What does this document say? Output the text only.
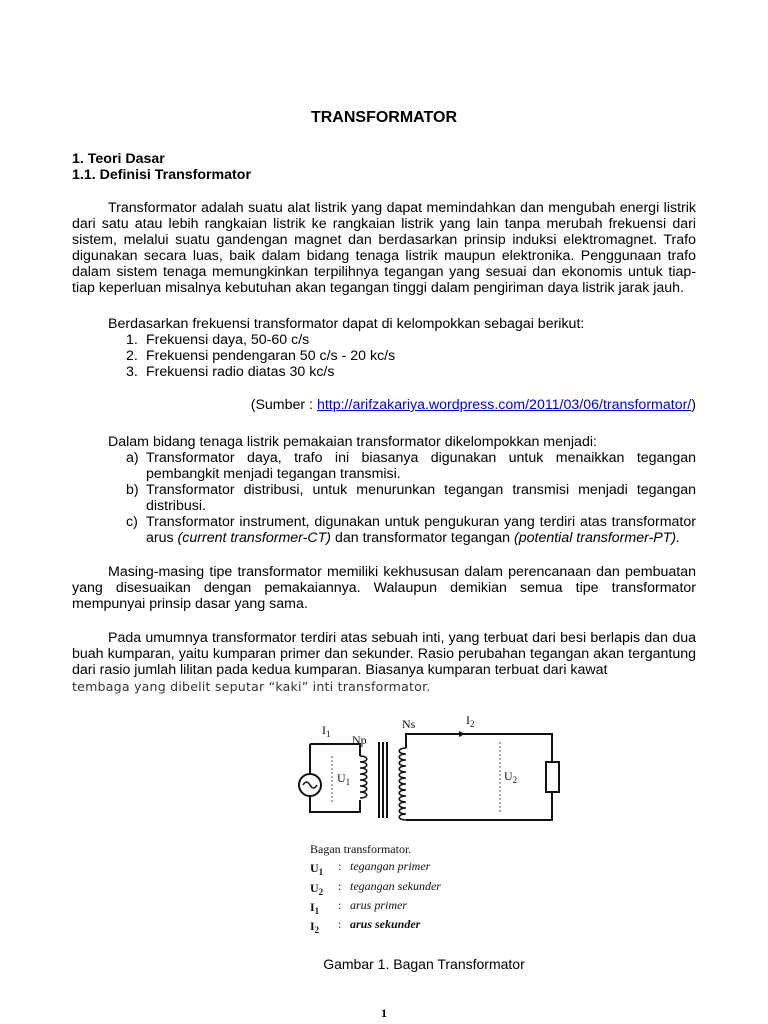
TRANSFORMATOR
1. Teori Dasar
1.1. Definisi Transformator
Transformator adalah suatu alat listrik yang dapat memindahkan dan mengubah energi listrik dari satu atau lebih rangkaian listrik ke rangkaian listrik yang lain tanpa merubah frekuensi dari sistem, melalui suatu gandengan magnet dan berdasarkan prinsip induksi elektromagnet. Trafo digunakan secara luas, baik dalam bidang tenaga listrik maupun elektronika. Penggunaan trafo dalam sistem tenaga memungkinkan terpilihnya tegangan yang sesuai dan ekonomis untuk tiap-tiap keperluan misalnya kebutuhan akan tegangan tinggi dalam pengiriman daya listrik jarak jauh.
Berdasarkan frekuensi transformator dapat di kelompokkan sebagai berikut:
1. Frekuensi daya, 50-60 c/s
2. Frekuensi pendengaran 50 c/s - 20 kc/s
3. Frekuensi radio diatas 30 kc/s
(Sumber : http://arifzakariya.wordpress.com/2011/03/06/transformator/)
Dalam bidang tenaga listrik pemakaian transformator dikelompokkan menjadi:
a) Transformator daya, trafo ini biasanya digunakan untuk menaikkan tegangan pembangkit menjadi tegangan transmisi.
b) Transformator distribusi, untuk menurunkan tegangan transmisi menjadi tegangan distribusi.
c) Transformator instrument, digunakan untuk pengukuran yang terdiri atas transformator arus (current transformer-CT) dan transformator tegangan (potential transformer-PT).
Masing-masing tipe transformator memiliki kekhususan dalam perencanaan dan pembuatan yang disesuaikan dengan pemakaiannya. Walaupun demikian semua tipe transformator mempunyai prinsip dasar yang sama.
Pada umumnya transformator terdiri atas sebuah inti, yang terbuat dari besi berlapis dan dua buah kumparan, yaitu kumparan primer dan sekunder. Rasio perubahan tegangan akan tergantung dari rasio jumlah lilitan pada kedua kumparan. Biasanya kumparan terbuat dari kawat
tembaga yang dibelit seputar “kaki” inti transformator.
$I_1$ Np
Ns	$I_2$
$U_1$	$U_2$
Bagan transformator.
$U_1$ : tegangan primer
$U_2$ : tegangan sekunder
$I_1$ : arus primer
$I_2$ : arus sekunder
Gambar 1. Bagan Transformator
1
